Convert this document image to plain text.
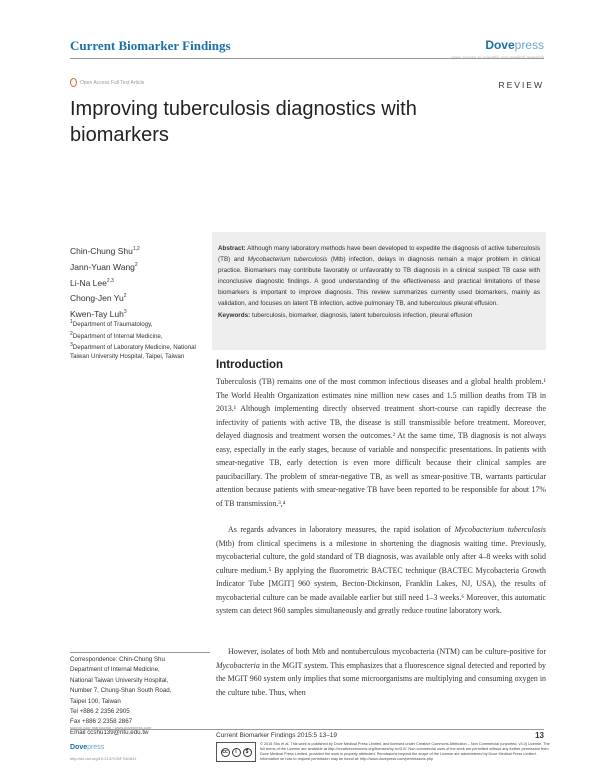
Current Biomarker Findings	Dovepress
open access to scientific and medical research
Open Access Full Text Article	REVIEW
Improving tuberculosis diagnostics with biomarkers
Chin-Chung Shu$^{1,2}$
Jann-Yuan Wang$^2$
Li-Na Lee$^{2,3}$
Chong-Jen Yu$^2$
Kwen-Tay Luh$^3$
$^1$Department of Traumatology,
$^2$Department of Internal Medicine,
$^3$Department of Laboratory Medicine, National Taiwan University Hospital, Taipei, Taiwan
Abstract: Although many laboratory methods have been developed to expedite the diagnosis of active tuberculosis (TB) and Mycobacterium tuberculosis (Mtb) infection, delays in diagnosis remain a major problem in clinical practice. Biomarkers may contribute favorably or unfavorably to TB diagnosis in a clinical suspect TB case with inconclusive diagnostic findings. A good understanding of the effectiveness and practical limitations of these biomarkers is important to improve diagnosis. This review summarizes currently used biomarkers, mainly as validation, and focuses on latent TB infection, active pulmonary TB, and tuberculous pleural effusion.
Keywords: tuberculosis, biomarker, diagnosis, latent tuberculosis infection, pleural effusion
Introduction

Tuberculosis (TB) remains one of the most common infectious diseases and a global health problem.¹ The World Health Organization estimates nine million new cases and 1.5 million deaths from TB in 2013.¹ Although implementing directly observed treatment short-course can rapidly decrease the infectivity of patients with active TB, the disease is still transmissible before treatment. Moreover, delayed diagnosis and treatment worsen the outcomes.² At the same time, TB diagnosis is not always easy, especially in the early stages, because of variable and nonspecific presentations. In patients with smear-negative TB, early detection is even more difficult because their clinical samples are paucibacillary. The problem of smear-negative TB, as well as smear-positive TB, warrants particular attention because patients with smear-negative TB have been reported to be responsible for about 17% of TB transmission.³,⁴

As regards advances in laboratory measures, the rapid isolation of Mycobacterium tuberculosis (Mtb) from clinical specimens is a milestone in shortening the diagnosis waiting time. Previously, mycobacterial culture, the gold standard of TB diagnosis, was available only after 4–8 weeks with solid culture medium.⁵ By applying the fluorometric BACTEC technique (BACTEC Mycobacteria Growth Indicator Tube [MGIT] 960 system, Becton-Dickinson, Franklin Lakes, NJ, USA), the results of mycobacterial culture can be made available earlier but still need 1–3 weeks.⁶ Moreover, this automatic system can detect 960 samples simultaneously and greatly reduce routine laboratory work.

However, isolates of both Mtb and nontuberculous mycobacteria (NTM) can be culture-positive for Mycobacteria in the MGIT system. This emphasizes that a fluorescence signal detected and reported by the MGIT 960 system only implies that some microorganisms are multiplying and consuming oxygen in the culture tube. Thus, when

Correspondence: Chin-Chung Shu
Department of Internal Medicine,
National Taiwan University Hospital,
Number 7, Chung-Shan South Road,
Taipei 100, Taiwan
Tel +886 2 2356 2905
Fax +886 2 2358 2867
Email ccshu139@ntu.edu.tw
submit your manuscript | www.dovepress.com
Current Biomarker Findings 2015:5 13–19	13
Dovepress
http://dx.doi.org/10.2147/CBF.S61641
cc	i	$
© 2015 Shu et al. This work is published by Dove Medical Press Limited, and licensed under Creative Commons Attribution – Non Commercial (unported, v3.0) License. The full terms of the License are available at http://creativecommons.org/licenses/by-nc/3.0/. Non-commercial uses of the work are permitted without any further permission from Dove Medical Press Limited, provided the work is properly attributed. Permissions beyond the scope of the License are administered by Dove Medical Press Limited. Information on how to request permission may be found at: http://www.dovepress.com/permissions.php
